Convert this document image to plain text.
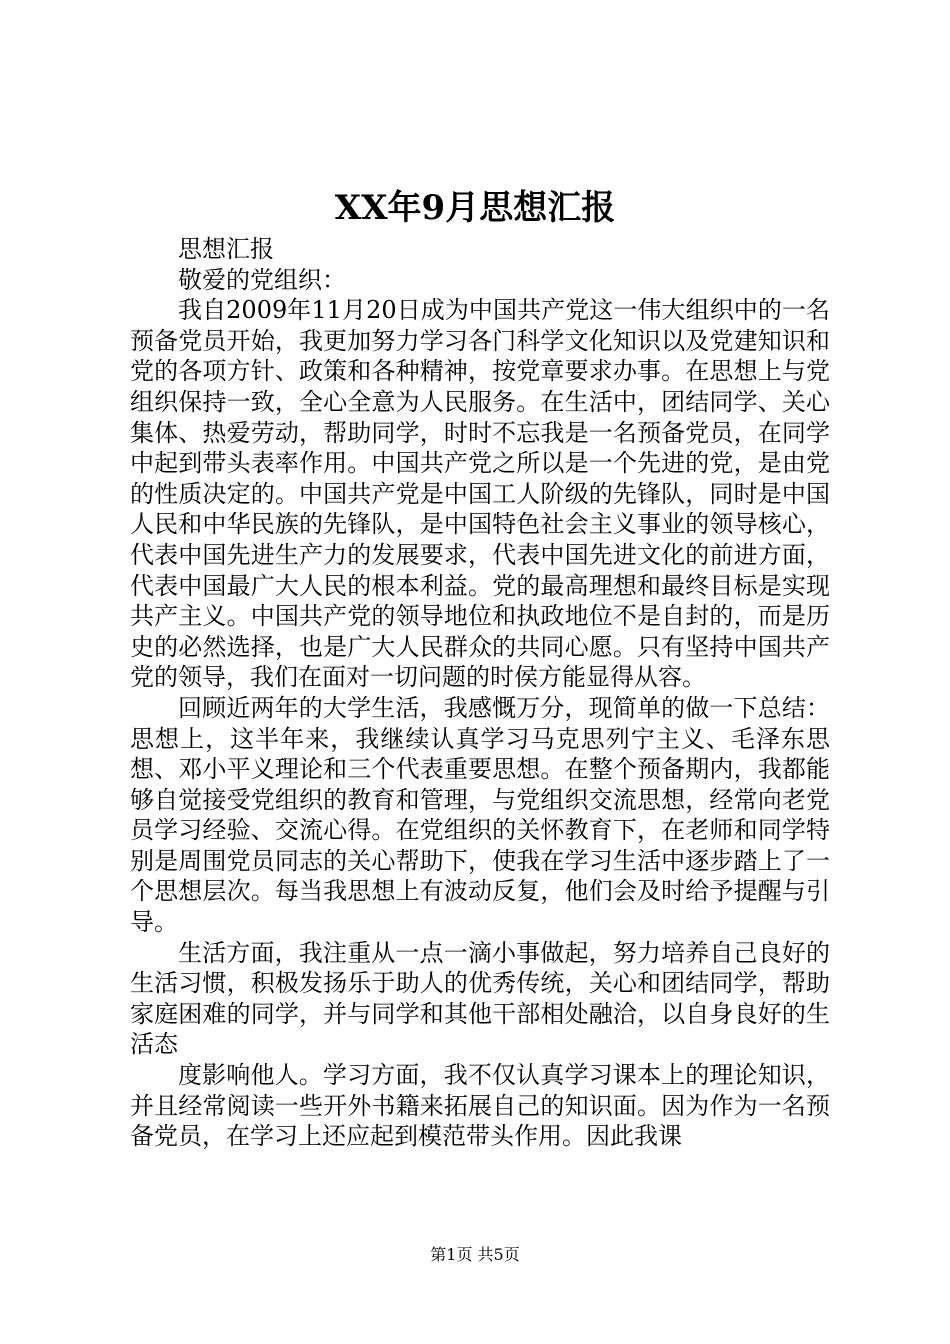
XX年9月思想汇报

思想汇报

敬爱的党组织：

我自2009年11月20日成为中国共产党这一伟大组织中的一名预备党员开始，我更加努力学习各门科学文化知识以及党建知识和党的各项方针、政策和各种精神，按党章要求办事。在思想上与党组织保持一致，全心全意为人民服务。在生活中，团结同学、关心集体、热爱劳动，帮助同学，时时不忘我是一名预备党员，在同学中起到带头表率作用。中国共产党之所以是一个先进的党，是由党的性质决定的。中国共产党是中国工人阶级的先锋队，同时是中国人民和中华民族的先锋队，是中国特色社会主义事业的领导核心，代表中国先进生产力的发展要求，代表中国先进文化的前进方面，代表中国最广大人民的根本利益。党的最高理想和最终目标是实现共产主义。中国共产党的领导地位和执政地位不是自封的，而是历史的必然选择，也是广大人民群众的共同心愿。只有坚持中国共产党的领导，我们在面对一切问题的时侯方能显得从容。

回顾近两年的大学生活，我感慨万分，现简单的做一下总结：思想上，这半年来，我继续认真学习马克思列宁主义、毛泽东思想、邓小平义理论和三个代表重要思想。在整个预备期内，我都能够自觉接受党组织的教育和管理，与党组织交流思想，经常向老党员学习经验、交流心得。在党组织的关怀教育下，在老师和同学特别是周围党员同志的关心帮助下，使我在学习生活中逐步踏上了一个思想层次。每当我思想上有波动反复，他们会及时给予提醒与引导。

生活方面，我注重从一点一滴小事做起，努力培养自己良好的生活习惯，积极发扬乐于助人的优秀传统，关心和团结同学，帮助家庭困难的同学，并与同学和其他干部相处融洽，以自身良好的生活态

度影响他人。学习方面，我不仅认真学习课本上的理论知识，并且经常阅读一些开外书籍来拓展自己的知识面。因为作为一名预备党员，在学习上还应起到模范带头作用。因此我课

第1页 共5页
